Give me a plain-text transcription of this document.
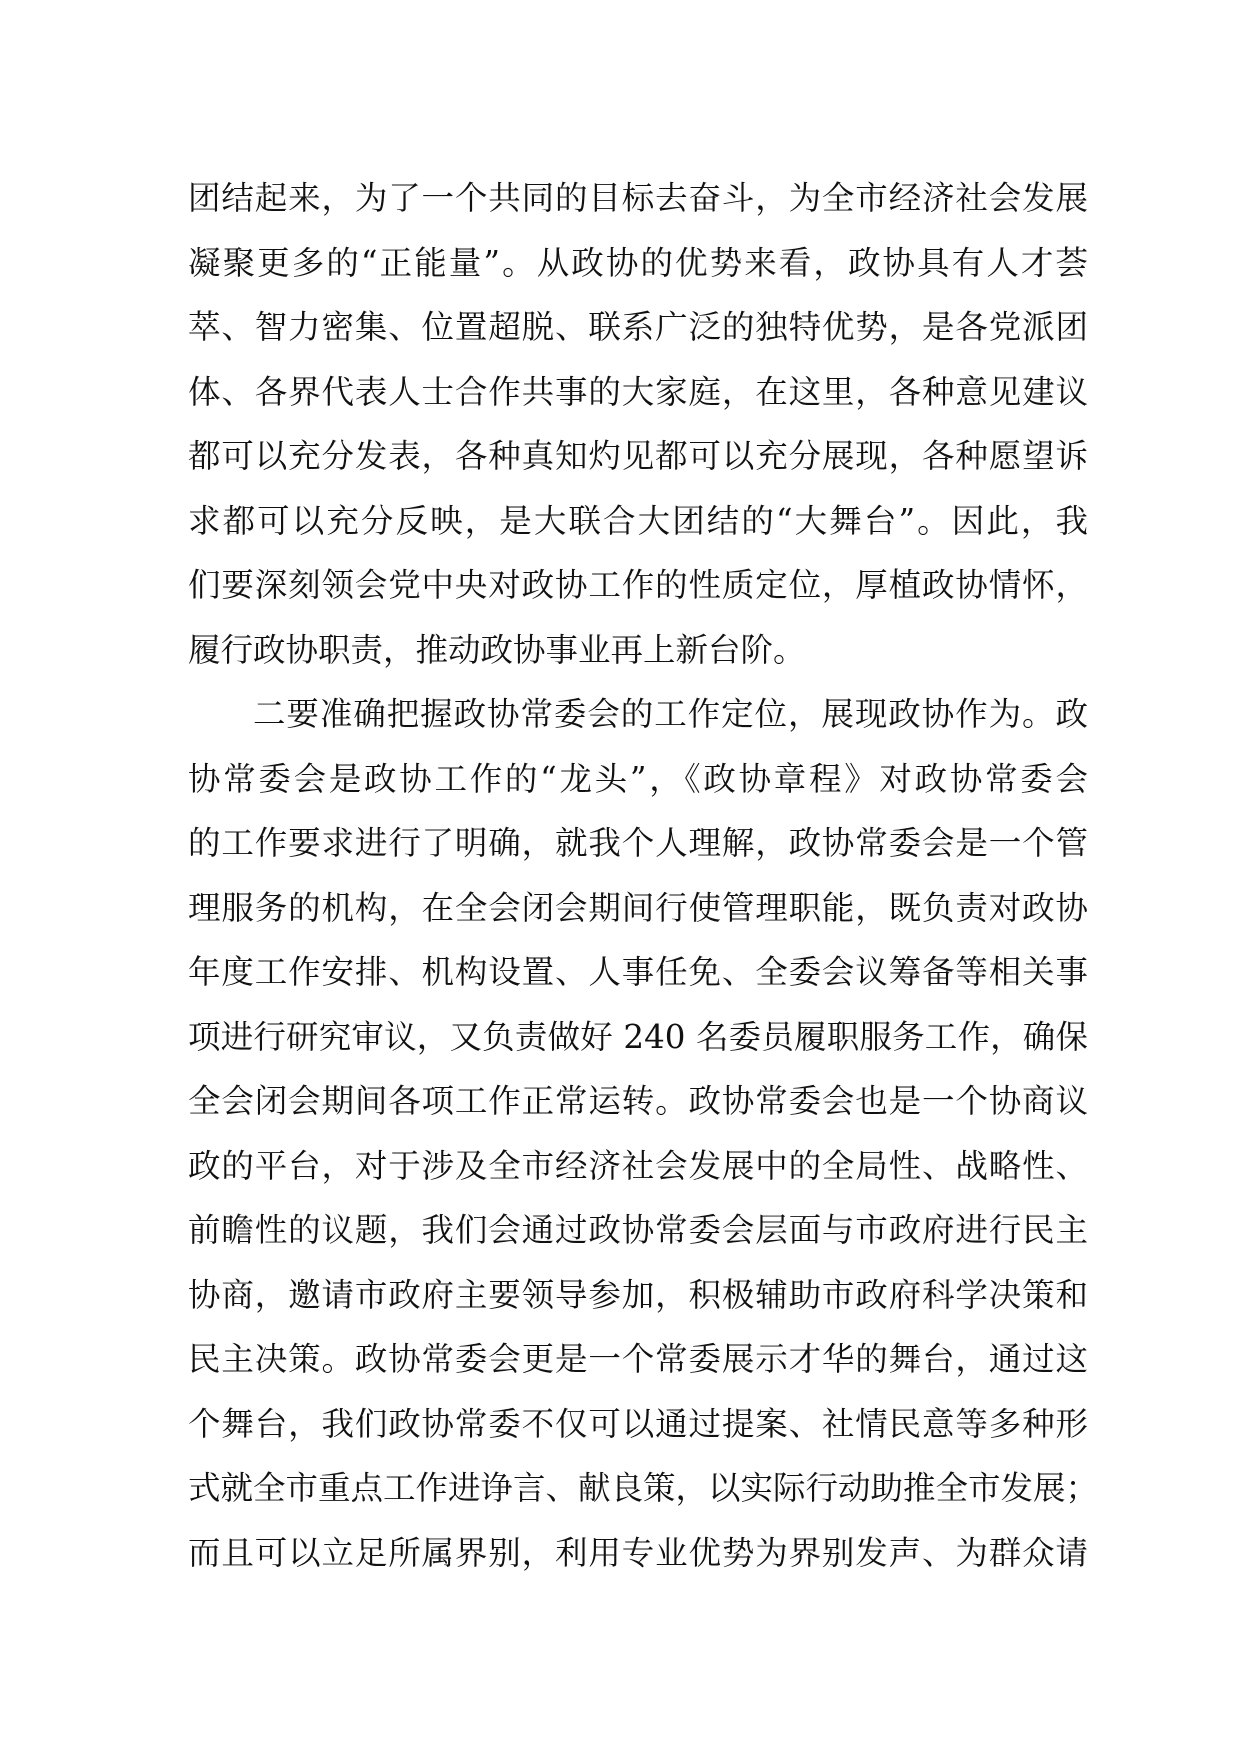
团结起来，为了一个共同的目标去奋斗，为全市经济社会发展
凝聚更多的“正能量”。从政协的优势来看，政协具有人才荟
萃、智力密集、位置超脱、联系广泛的独特优势，是各党派团
体、各界代表人士合作共事的大家庭，在这里，各种意见建议
都可以充分发表，各种真知灼见都可以充分展现，各种愿望诉
求都可以充分反映，是大联合大团结的“大舞台”。因此，我
们要深刻领会党中央对政协工作的性质定位，厚植政协情怀，
履行政协职责，推动政协事业再上新台阶。
二要准确把握政协常委会的工作定位，展现政协作为。政
协常委会是政协工作的“龙头”，《政协章程》对政协常委会
的工作要求进行了明确，就我个人理解，政协常委会是一个管
理服务的机构，在全会闭会期间行使管理职能，既负责对政协
年度工作安排、机构设置、人事任免、全委会议筹备等相关事
项进行研究审议，又负责做好 240 名委员履职服务工作，确保
全会闭会期间各项工作正常运转。政协常委会也是一个协商议
政的平台，对于涉及全市经济社会发展中的全局性、战略性、
前瞻性的议题，我们会通过政协常委会层面与市政府进行民主
协商，邀请市政府主要领导参加，积极辅助市政府科学决策和
民主决策。政协常委会更是一个常委展示才华的舞台，通过这
个舞台，我们政协常委不仅可以通过提案、社情民意等多种形
式就全市重点工作进诤言、献良策，以实际行动助推全市发展；
而且可以立足所属界别，利用专业优势为界别发声、为群众请
